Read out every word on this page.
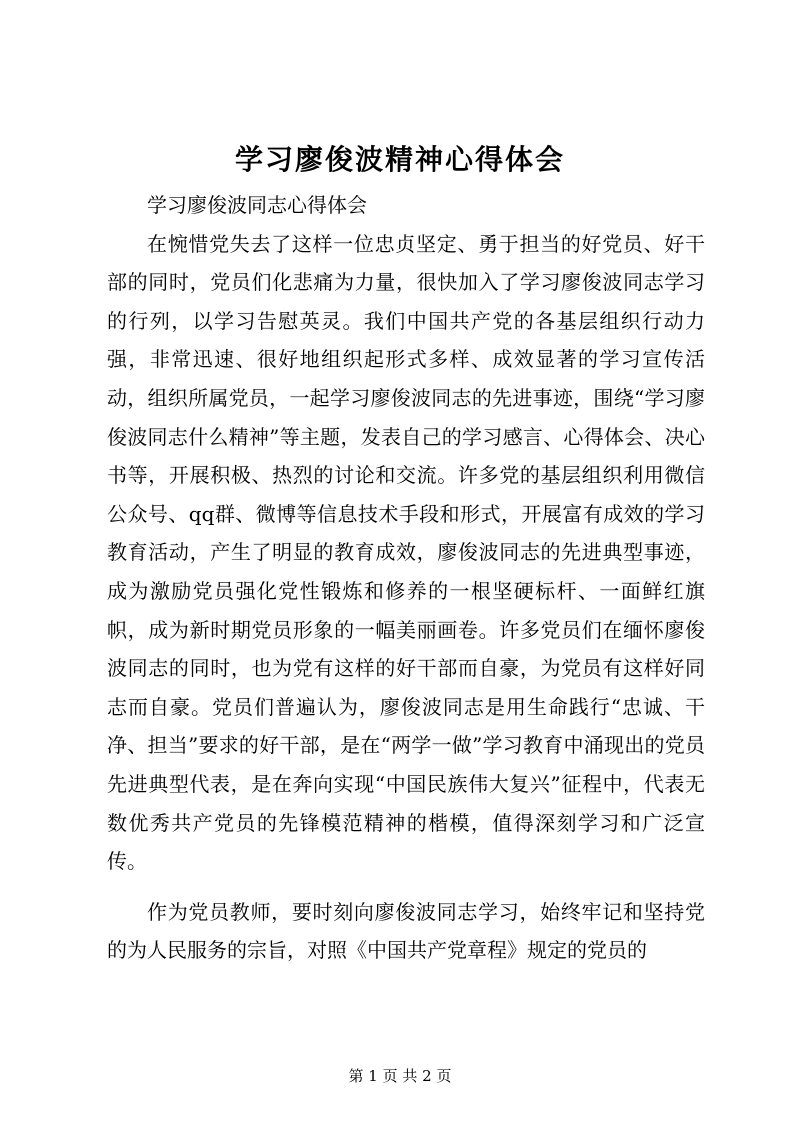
学习廖俊波精神心得体会

学习廖俊波同志心得体会

在惋惜党失去了这样一位忠贞坚定、勇于担当的好党员、好干部的同时，党员们化悲痛为力量，很快加入了学习廖俊波同志学习的行列，以学习告慰英灵。我们中国共产党的各基层组织行动力强，非常迅速、很好地组织起形式多样、成效显著的学习宣传活动，组织所属党员，一起学习廖俊波同志的先进事迹，围绕“学习廖俊波同志什么精神”等主题，发表自己的学习感言、心得体会、决心书等，开展积极、热烈的讨论和交流。许多党的基层组织利用微信公众号、qq群、微博等信息技术手段和形式，开展富有成效的学习教育活动，产生了明显的教育成效，廖俊波同志的先进典型事迹，成为激励党员强化党性锻炼和修养的一根坚硬标杆、一面鲜红旗帜，成为新时期党员形象的一幅美丽画卷。许多党员们在缅怀廖俊波同志的同时，也为党有这样的好干部而自豪，为党员有这样好同志而自豪。党员们普遍认为，廖俊波同志是用生命践行“忠诚、干净、担当”要求的好干部，是在“两学一做”学习教育中涌现出的党员先进典型代表，是在奔向实现“中国民族伟大复兴”征程中，代表无数优秀共产党员的先锋模范精神的楷模，值得深刻学习和广泛宣传。

作为党员教师，要时刻向廖俊波同志学习，始终牢记和坚持党的为人民服务的宗旨，对照《中国共产党章程》规定的党员的

第 1 页 共 2 页
